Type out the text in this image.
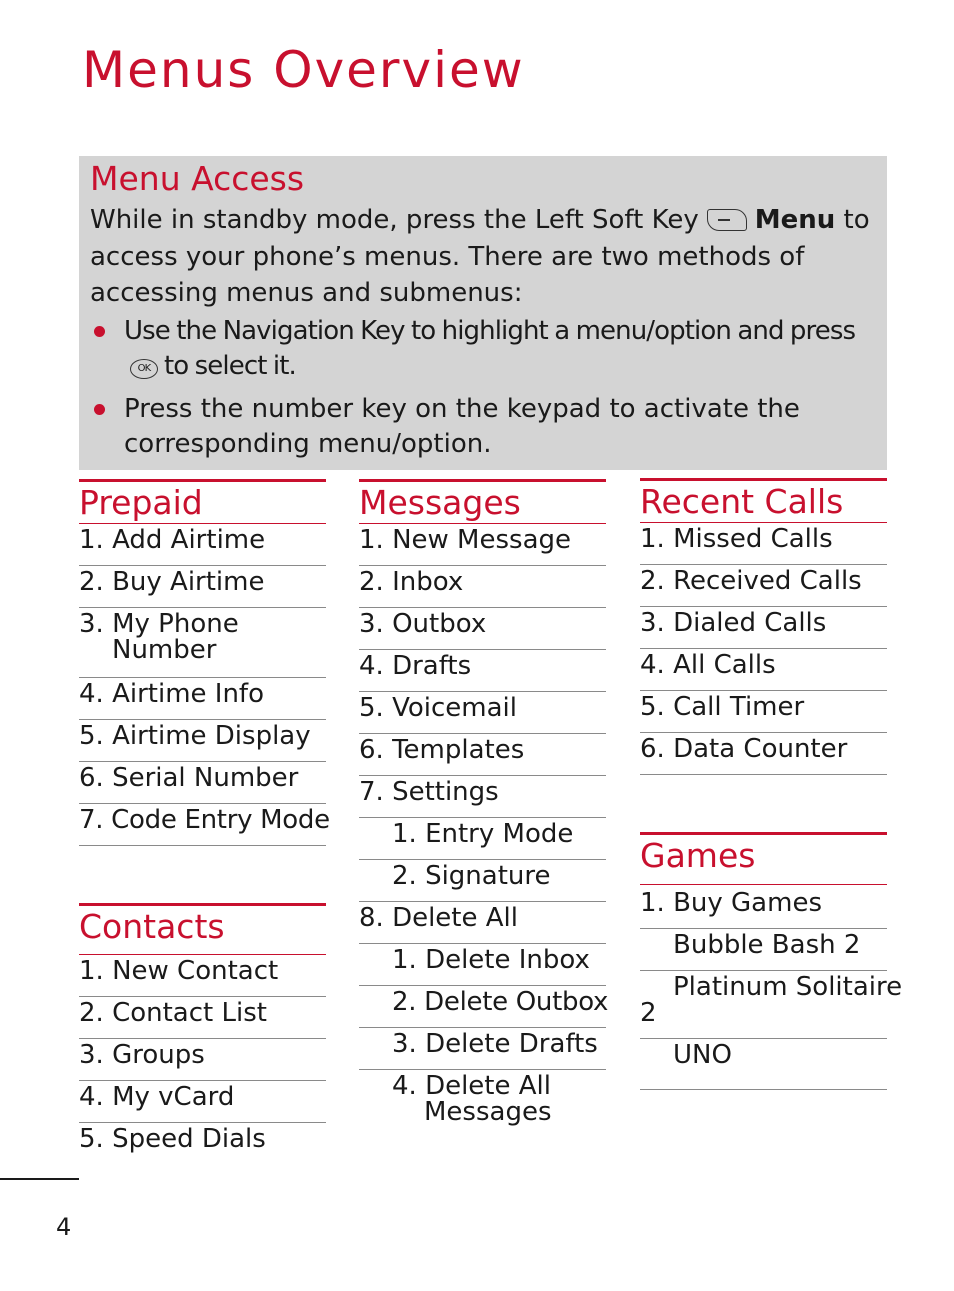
Menus Overview
Menu Access

While in standby mode, press the Left Soft Key Menu to access your phone’s menus. There are two methods of accessing menus and submenus:

Use the Navigation Key to highlight a menu/option and pressOK to select it.
Press the number key on the keypad to activate the corresponding menu/option.
Prepaid
1. Add Airtime
2. Buy Airtime
3. My Phone
Number
4. Airtime Info
5. Airtime Display
6. Serial Number
7. Code Entry Mode
Contacts
1. New Contact
2. Contact List
3. Groups
4. My vCard
5. Speed Dials
Messages
1. New Message
2. Inbox
3. Outbox
4. Drafts
5. Voicemail
6. Templates
7. Settings
1. Entry Mode
2. Signature
8. Delete All
1. Delete Inbox
2. Delete Outbox
3. Delete Drafts
4. Delete All
Messages
Recent Calls
1. Missed Calls
2. Received Calls
3. Dialed Calls
4. All Calls
5. Call Timer
6. Data Counter
Games
1. Buy Games
Bubble Bash 2
Platinum Solitaire
2
UNO
4
